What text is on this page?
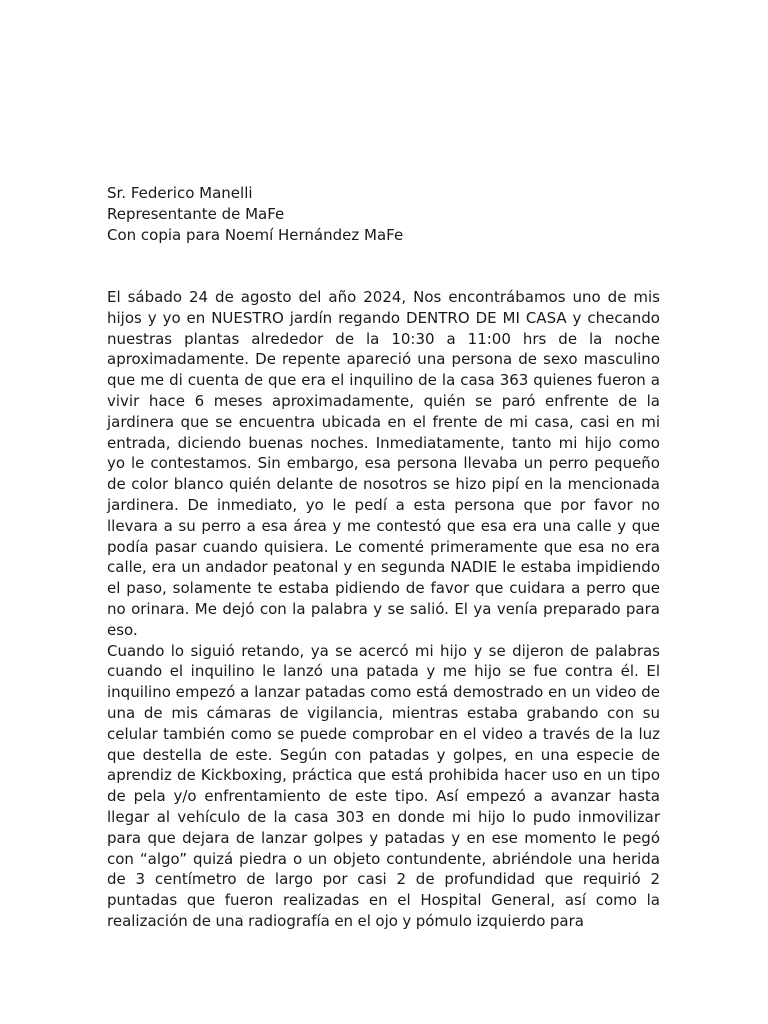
Sr. Federico Manelli
Representante de MaFe
Con copia para Noemí Hernández MaFe

El sábado 24 de agosto del año 2024, Nos encontrábamos uno de mis hijos y yo en NUESTRO jardín regando DENTRO DE MI CASA y checando nuestras plantas alrededor de la 10:30 a 11:00 hrs de la noche aproximadamente. De repente apareció una persona de sexo masculino que me di cuenta de que era el inquilino de la casa 363 quienes fueron a vivir hace 6 meses aproximadamente, quién se paró enfrente de la jardinera que se encuentra ubicada en el frente de mi casa, casi en mi entrada, diciendo buenas noches. Inmediatamente, tanto mi hijo como yo le contestamos. Sin embargo, esa persona llevaba un perro pequeño de color blanco quién delante de nosotros se hizo pipí en la mencionada jardinera. De inmediato, yo le pedí a esta persona que por favor no llevara a su perro a esa área y me contestó que esa era una calle y que podía pasar cuando quisiera. Le comenté primeramente que esa no era calle, era un andador peatonal y en segunda NADIE le estaba impidiendo el paso, solamente te estaba pidiendo de favor que cuidara a perro que no orinara. Me dejó con la palabra y se salió. El ya venía preparado para eso.

Cuando lo siguió retando, ya se acercó mi hijo y se dijeron de palabras cuando el inquilino le lanzó una patada y me hijo se fue contra él. El inquilino empezó a lanzar patadas como está demostrado en un video de una de mis cámaras de vigilancia, mientras estaba grabando con su celular también como se puede comprobar en el video a través de la luz que destella de este. Según con patadas y golpes, en una especie de aprendiz de Kickboxing, práctica que está prohibida hacer uso en un tipo de pela y/o enfrentamiento de este tipo. Así empezó a avanzar hasta llegar al vehículo de la casa 303 en donde mi hijo lo pudo inmovilizar para que dejara de lanzar golpes y patadas y en ese momento le pegó con “algo” quizá piedra o un objeto contundente, abriéndole una herida de 3 centímetro de largo por casi 2 de profundidad que requirió 2 puntadas que fueron realizadas en el Hospital General, así como la realización de una radiografía en el ojo y pómulo izquierdo para
